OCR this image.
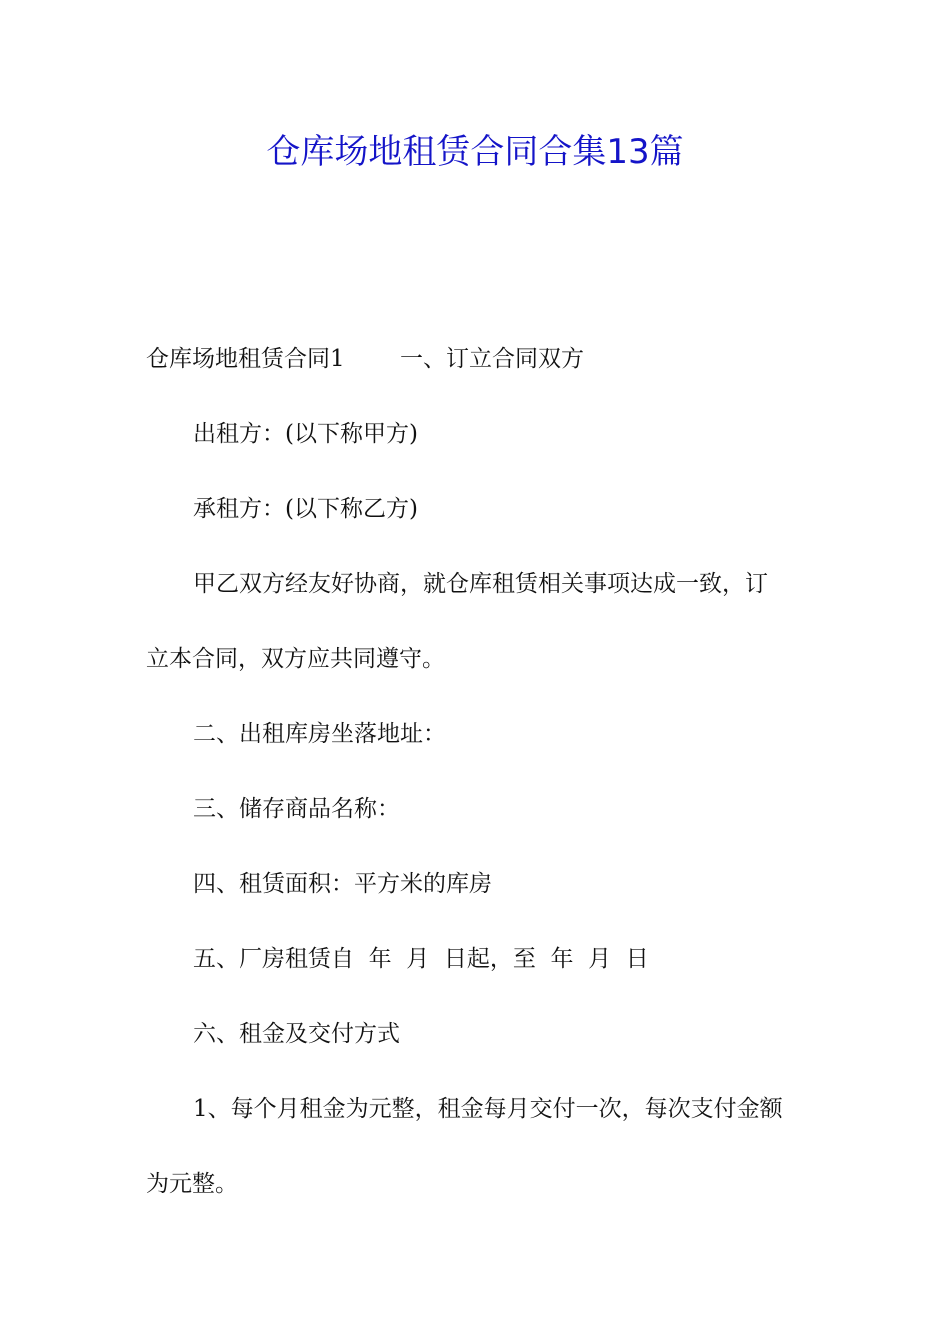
仓库场地租赁合同合集13篇
仓库场地租赁合同1 一、订立合同双方
出租方：(以下称甲方)
承租方：(以下称乙方)
甲乙双方经友好协商，就仓库租赁相关事项达成一致，订
立本合同，双方应共同遵守。
二、出租库房坐落地址：
三、储存商品名称：
四、租赁面积：平方米的库房
五、厂房租赁自  年  月  日起，至  年  月  日
六、租金及交付方式
1、每个月租金为元整，租金每月交付一次，每次支付金额
为元整。
